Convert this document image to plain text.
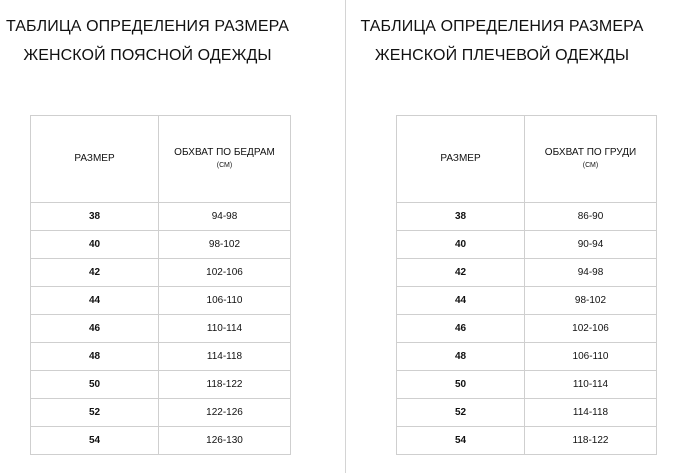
ТАБЛИЦА ОПРЕДЕЛЕНИЯ РАЗМЕРА
ЖЕНСКОЙ ПОЯСНОЙ ОДЕЖДЫ
РАЗМЕР	ОБХВАТ ПО БЕДРАМ
(СМ)

38	94-98
40	98-102
42	102-106
44	106-110
46	110-114
48	114-118
50	118-122
52	122-126
54	126-130
ТАБЛИЦА ОПРЕДЕЛЕНИЯ РАЗМЕРА
ЖЕНСКОЙ ПЛЕЧЕВОЙ ОДЕЖДЫ
РАЗМЕР	ОБХВАТ ПО ГРУДИ
(СМ)

38	86-90
40	90-94
42	94-98
44	98-102
46	102-106
48	106-110
50	110-114
52	114-118
54	118-122
